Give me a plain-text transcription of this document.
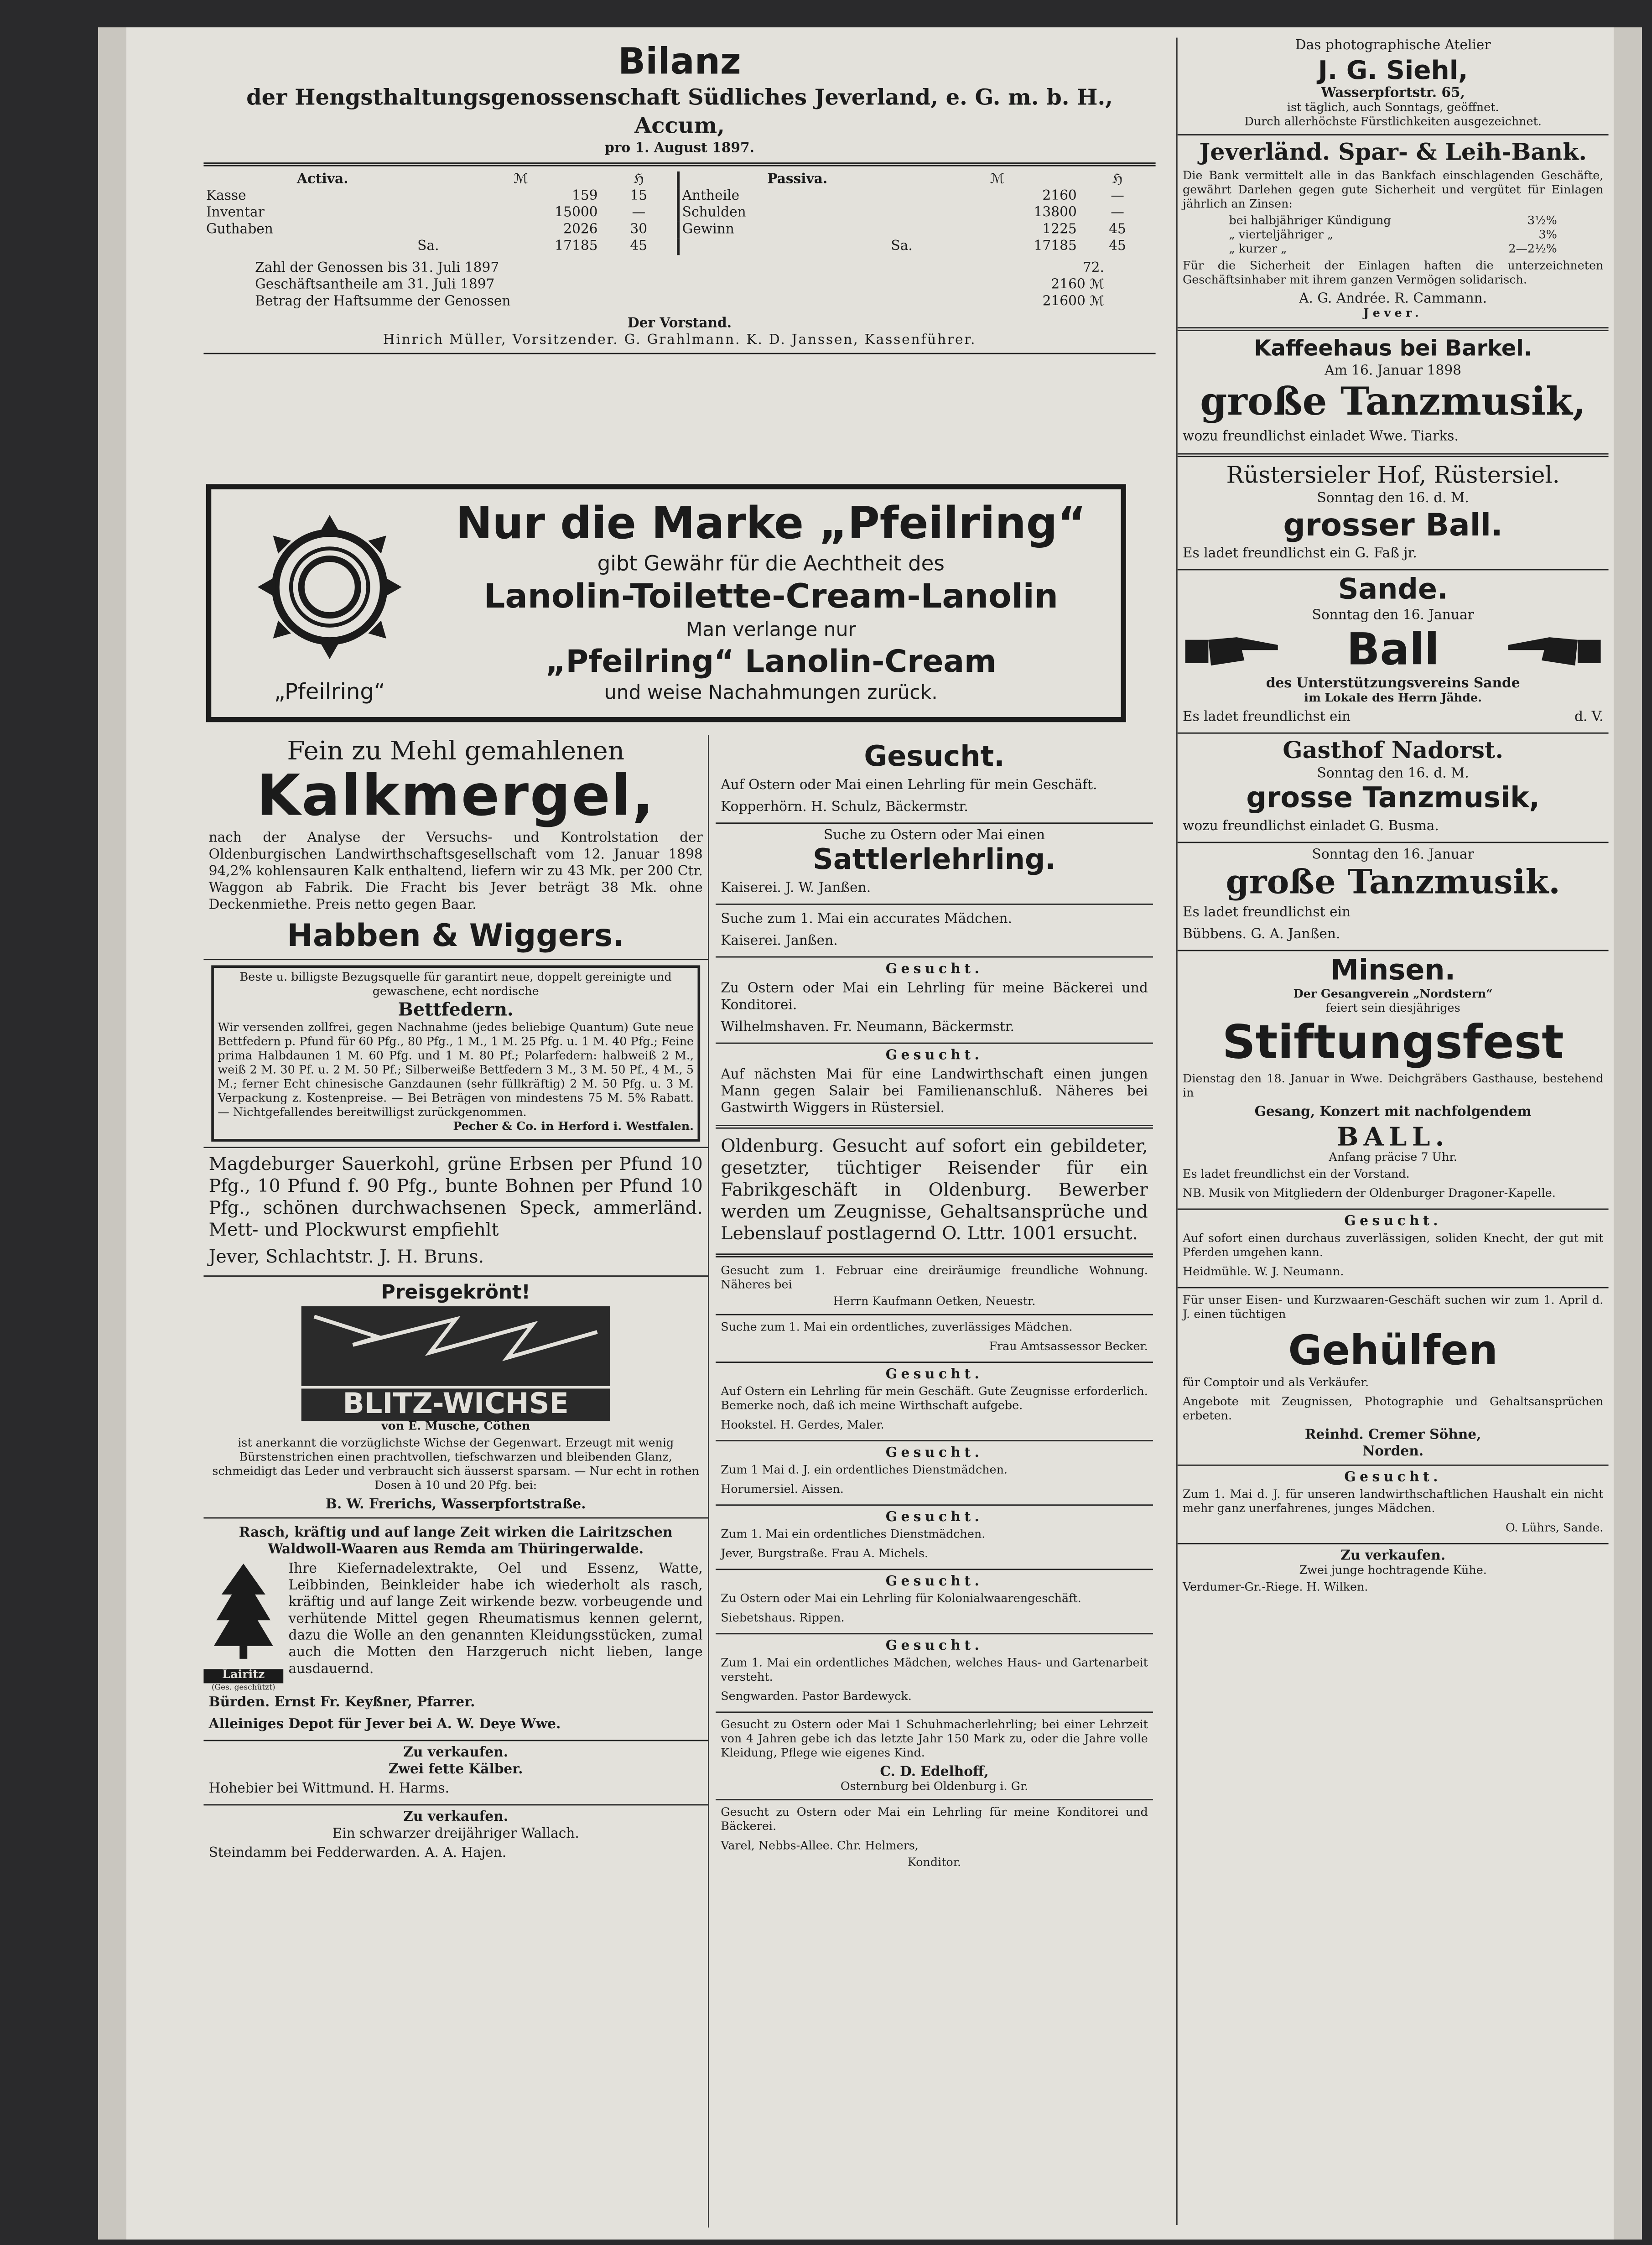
Bilanz
der Hengsthaltungsgenossenschaft Südliches Jeverland, e. G. m. b. H., Accum,
pro 1. August 1897.
Activa.	ℳ	ℌ
Kasse	159	15
Inventar	15000	—
Guthaben	2026	30
Sa.	17185	45
Passiva.	ℳ	ℌ
Antheile	2160	—
Schulden	13800	—
Gewinn	1225	45
Sa.	17185	45
Zahl der Genossen bis 31. Juli 1897	72.
Geschäftsantheile am 31. Juli 1897	2160 ℳ
Betrag der Haftsumme der Genossen	21600 ℳ
Der Vorstand.
Hinrich Müller, Vorsitzender. G. Grahlmann. K. D. Janssen, Kassenführer.
„Pfeilring“
Nur die Marke „Pfeilring“
gibt Gewähr für die Aechtheit des
Lanolin-Toilette-Cream-Lanolin
Man verlange nur
„Pfeilring“ Lanolin-Cream
und weise Nachahmungen zurück.
Fein zu Mehl gemahlenen
Kalkmergel,
nach der Analyse der Versuchs- und Kontrolstation der Oldenburgischen Landwirthschaftsgesellschaft vom 12. Januar 1898 94,2% kohlensauren Kalk enthaltend, liefern wir zu 43 Mk. per 200 Ctr. Waggon ab Fabrik. Die Fracht bis Jever beträgt 38 Mk. ohne Deckenmiethe. Preis netto gegen Baar.
Habben & Wiggers.
Beste u. billigste Bezugsquelle für garantirt neue, doppelt gereinigte und gewaschene, echt nordische
Bettfedern.
Wir versenden zollfrei, gegen Nachnahme (jedes beliebige Quantum) Gute neue Bettfedern p. Pfund für 60 Pfg., 80 Pfg., 1 M., 1 M. 25 Pfg. u. 1 M. 40 Pfg.; Feine prima Halbdaunen 1 M. 60 Pfg. und 1 M. 80 Pf.; Polarfedern: halbweiß 2 M., weiß 2 M. 30 Pf. u. 2 M. 50 Pf.; Silberweiße Bettfedern 3 M., 3 M. 50 Pf., 4 M., 5 M.; ferner Echt chinesische Ganzdaunen (sehr füllkräftig) 2 M. 50 Pfg. u. 3 M. Verpackung z. Kostenpreise. — Bei Beträgen von mindestens 75 M. 5% Rabatt. — Nichtgefallendes bereitwilligst zurückgenommen.
Pecher & Co. in Herford i. Westfalen.
Magdeburger Sauerkohl, grüne Erbsen per Pfund 10 Pfg., 10 Pfund f. 90 Pfg., bunte Bohnen per Pfund 10 Pfg., schönen durchwachsenen Speck, ammerländ. Mett- und Plockwurst empfiehlt
Jever, Schlachtstr. J. H. Bruns.
Preisgekrönt!
BLITZ-WICHSE
von E. Musche, Cöthen
ist anerkannt die vorzüglichste Wichse der Gegenwart. Erzeugt mit wenig Bürstenstrichen einen prachtvollen, tiefschwarzen und bleibenden Glanz, schmeidigt das Leder und verbraucht sich äusserst sparsam. — Nur echt in rothen Dosen à 10 und 20 Pfg. bei:
B. W. Frerichs, Wasserpfortstraße.
Rasch, kräftig und auf lange Zeit wirken die Lairitzschen Waldwoll-Waaren aus Remda am Thüringerwalde.
Lairitz
(Ges. geschützt)
Ihre Kiefernadelextrakte, Oel und Essenz, Watte, Leibbinden, Beinkleider habe ich wiederholt als rasch, kräftig und auf lange Zeit wirkende bezw. vorbeugende und verhütende Mittel gegen Rheumatismus kennen gelernt, dazu die Wolle an den genannten Kleidungsstücken, zumal auch die Motten den Harzgeruch nicht lieben, lange ausdauernd.
Bürden. Ernst Fr. Keyßner, Pfarrer.
Alleiniges Depot für Jever bei A. W. Deye Wwe.
Zu verkaufen.
Zwei fette Kälber.
Hohebier bei Wittmund. H. Harms.
Zu verkaufen.
Ein schwarzer dreijähriger Wallach.
Steindamm bei Fedderwarden. A. A. Hajen.
Gesucht.
Auf Ostern oder Mai einen Lehrling für mein Geschäft.
Kopperhörn. H. Schulz, Bäckermstr.
Suche zu Ostern oder Mai einen
Sattlerlehrling.
Kaiserei. J. W. Janßen.
Suche zum 1. Mai ein accurates Mädchen.
Kaiserei. Janßen.
Gesucht.
Zu Ostern oder Mai ein Lehrling für meine Bäckerei und Konditorei.
Wilhelmshaven. Fr. Neumann, Bäckermstr.
Gesucht.
Auf nächsten Mai für eine Landwirthschaft einen jungen Mann gegen Salair bei Familienanschluß. Näheres bei Gastwirth Wiggers in Rüstersiel.
Oldenburg. Gesucht auf sofort ein gebildeter, gesetzter, tüchtiger Reisender für ein Fabrikgeschäft in Oldenburg. Bewerber werden um Zeugnisse, Gehaltsansprüche und Lebenslauf postlagernd O. Lttr. 1001 ersucht.
Gesucht zum 1. Februar eine dreiräumige freundliche Wohnung. Näheres bei
Herrn Kaufmann Oetken, Neuestr.
Suche zum 1. Mai ein ordentliches, zuverlässiges Mädchen.
Frau Amtsassessor Becker.
Gesucht.
Auf Ostern ein Lehrling für mein Geschäft. Gute Zeugnisse erforderlich. Bemerke noch, daß ich meine Wirthschaft aufgebe.
Hookstel. H. Gerdes, Maler.
Gesucht.
Zum 1 Mai d. J. ein ordentliches Dienstmädchen.
Horumersiel. Aissen.
Gesucht.
Zum 1. Mai ein ordentliches Dienstmädchen.
Jever, Burgstraße. Frau A. Michels.
Gesucht.
Zu Ostern oder Mai ein Lehrling für Kolonialwaarengeschäft.
Siebetshaus. Rippen.
Gesucht.
Zum 1. Mai ein ordentliches Mädchen, welches Haus- und Gartenarbeit versteht.
Sengwarden. Pastor Bardewyck.
Gesucht zu Ostern oder Mai 1 Schuhmacherlehrling; bei einer Lehrzeit von 4 Jahren gebe ich das letzte Jahr 150 Mark zu, oder die Jahre volle Kleidung, Pflege wie eigenes Kind.
C. D. Edelhoff,
Osternburg bei Oldenburg i. Gr.
Gesucht zu Ostern oder Mai ein Lehrling für meine Konditorei und Bäckerei.
Varel, Nebbs-Allee. Chr. Helmers,
Konditor.
Das photographische Atelier
J. G. Siehl,
Wasserpfortstr. 65,
ist täglich, auch Sonntags, geöffnet.
Durch allerhöchste Fürstlichkeiten ausgezeichnet.
Jeverländ. Spar- & Leih-Bank.
Die Bank vermittelt alle in das Bankfach einschlagenden Geschäfte, gewährt Darlehen gegen gute Sicherheit und vergütet für Einlagen jährlich an Zinsen:
bei halbjähriger Kündigung	3½%
„ vierteljähriger „	3%
„ kurzer „	2—2½%
Für die Sicherheit der Einlagen haften die unterzeichneten Geschäftsinhaber mit ihrem ganzen Vermögen solidarisch.
A. G. Andrée. R. Cammann.
Jever.
Kaffeehaus bei Barkel.
Am 16. Januar 1898
große Tanzmusik,
wozu freundlichst einladet Wwe. Tiarks.
Rüstersieler Hof, Rüstersiel.
Sonntag den 16. d. M.
grosser Ball.
Es ladet freundlichst ein G. Faß jr.
Sande.
Sonntag den 16. Januar
Ball
des Unterstützungsvereins Sande
im Lokale des Herrn Jähde.
Es ladet freundlichst ein	d. V.
Gasthof Nadorst.
Sonntag den 16. d. M.
grosse Tanzmusik,
wozu freundlichst einladet G. Busma.
Sonntag den 16. Januar
große Tanzmusik.
Es ladet freundlichst ein
Bübbens. G. A. Janßen.
Minsen.
Der Gesangverein „Nordstern“
feiert sein diesjähriges
Stiftungsfest
Dienstag den 18. Januar in Wwe. Deichgräbers Gasthause, bestehend in
Gesang, Konzert mit nachfolgendem
BALL.
Anfang präcise 7 Uhr.
Es ladet freundlichst ein der Vorstand.
NB. Musik von Mitgliedern der Oldenburger Dragoner-Kapelle.
Gesucht.
Auf sofort einen durchaus zuverlässigen, soliden Knecht, der gut mit Pferden umgehen kann.
Heidmühle. W. J. Neumann.
Für unser Eisen- und Kurzwaaren-Geschäft suchen wir zum 1. April d. J. einen tüchtigen
Gehülfen
für Comptoir und als Verkäufer.
Angebote mit Zeugnissen, Photographie und Gehaltsansprüchen erbeten.
Reinhd. Cremer Söhne,
Norden.
Gesucht.
Zum 1. Mai d. J. für unseren landwirthschaftlichen Haushalt ein nicht mehr ganz unerfahrenes, junges Mädchen.
O. Lührs, Sande.
Zu verkaufen.
Zwei junge hochtragende Kühe.
Verdumer-Gr.-Riege. H. Wilken.
